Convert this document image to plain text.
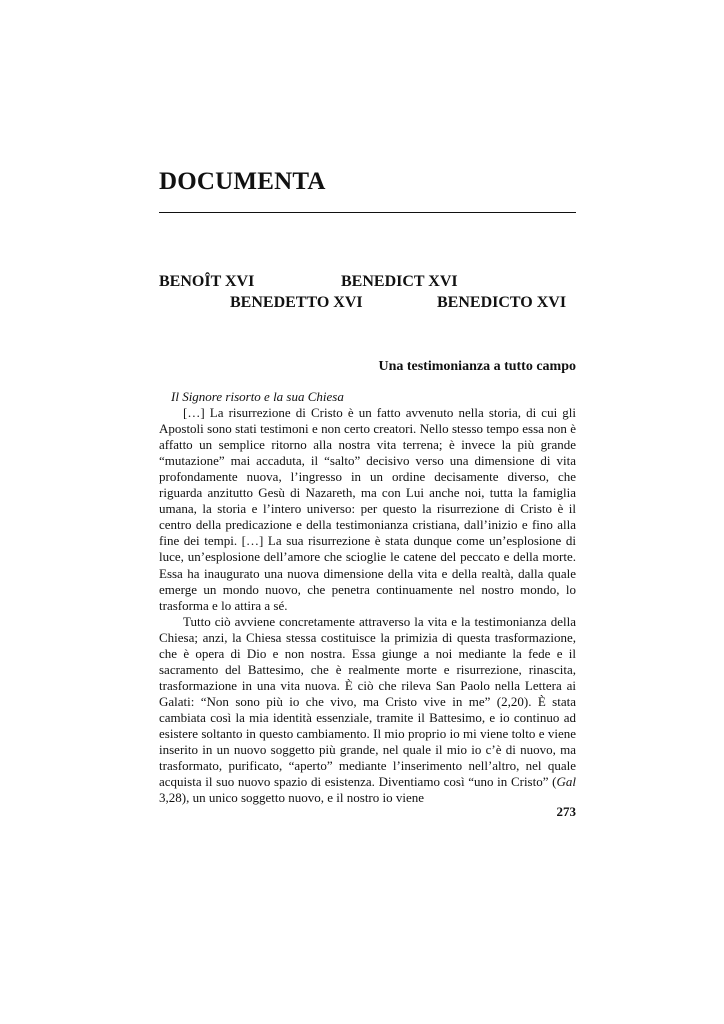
DOCUMENTA
BENOÎT XVI	BENEDICT XVI
BENEDETTO XVI	BENEDICTO XVI
Una testimonianza a tutto campo

Il Signore risorto e la sua Chiesa

[…] La risurrezione di Cristo è un fatto avvenuto nella storia, di cui gli Apostoli sono stati testimoni e non certo creatori. Nello stesso tempo essa non è affatto un semplice ritorno alla nostra vita terrena; è invece la più grande “mutazione” mai accaduta, il “salto” decisivo verso una dimensione di vita profondamente nuova, l’ingresso in un ordine decisamente diverso, che riguarda anzitutto Gesù di Nazareth, ma con Lui anche noi, tutta la famiglia umana, la storia e l’intero universo: per questo la risurrezione di Cristo è il centro della predicazione e della testimonianza cristiana, dall’inizio e fino alla fine dei tempi. […] La sua risurrezione è stata dunque come un’esplosione di luce, un’esplosione dell’amore che scioglie le catene del peccato e della morte. Essa ha inaugurato una nuova dimensione della vita e della realtà, dalla quale emerge un mondo nuovo, che penetra continuamente nel nostro mondo, lo trasforma e lo attira a sé.

Tutto ciò avviene concretamente attraverso la vita e la testimonianza della Chiesa; anzi, la Chiesa stessa costituisce la primizia di questa trasformazione, che è opera di Dio e non nostra. Essa giunge a noi mediante la fede e il sacramento del Battesimo, che è realmente morte e risurrezione, rinascita, trasformazione in una vita nuova. È ciò che rileva San Paolo nella Lettera ai Galati: “Non sono più io che vivo, ma Cristo vive in me” (2,20). È stata cambiata così la mia identità essenziale, tramite il Battesimo, e io continuo ad esistere soltanto in questo cambiamento. Il mio proprio io mi viene tolto e viene inserito in un nuovo soggetto più grande, nel quale il mio io c’è di nuovo, ma trasformato, purificato, “aperto” mediante l’inserimento nell’altro, nel quale acquista il suo nuovo spazio di esistenza. Diventiamo così “uno in Cristo” (Gal 3,28), un unico soggetto nuovo, e il nostro io viene

273
